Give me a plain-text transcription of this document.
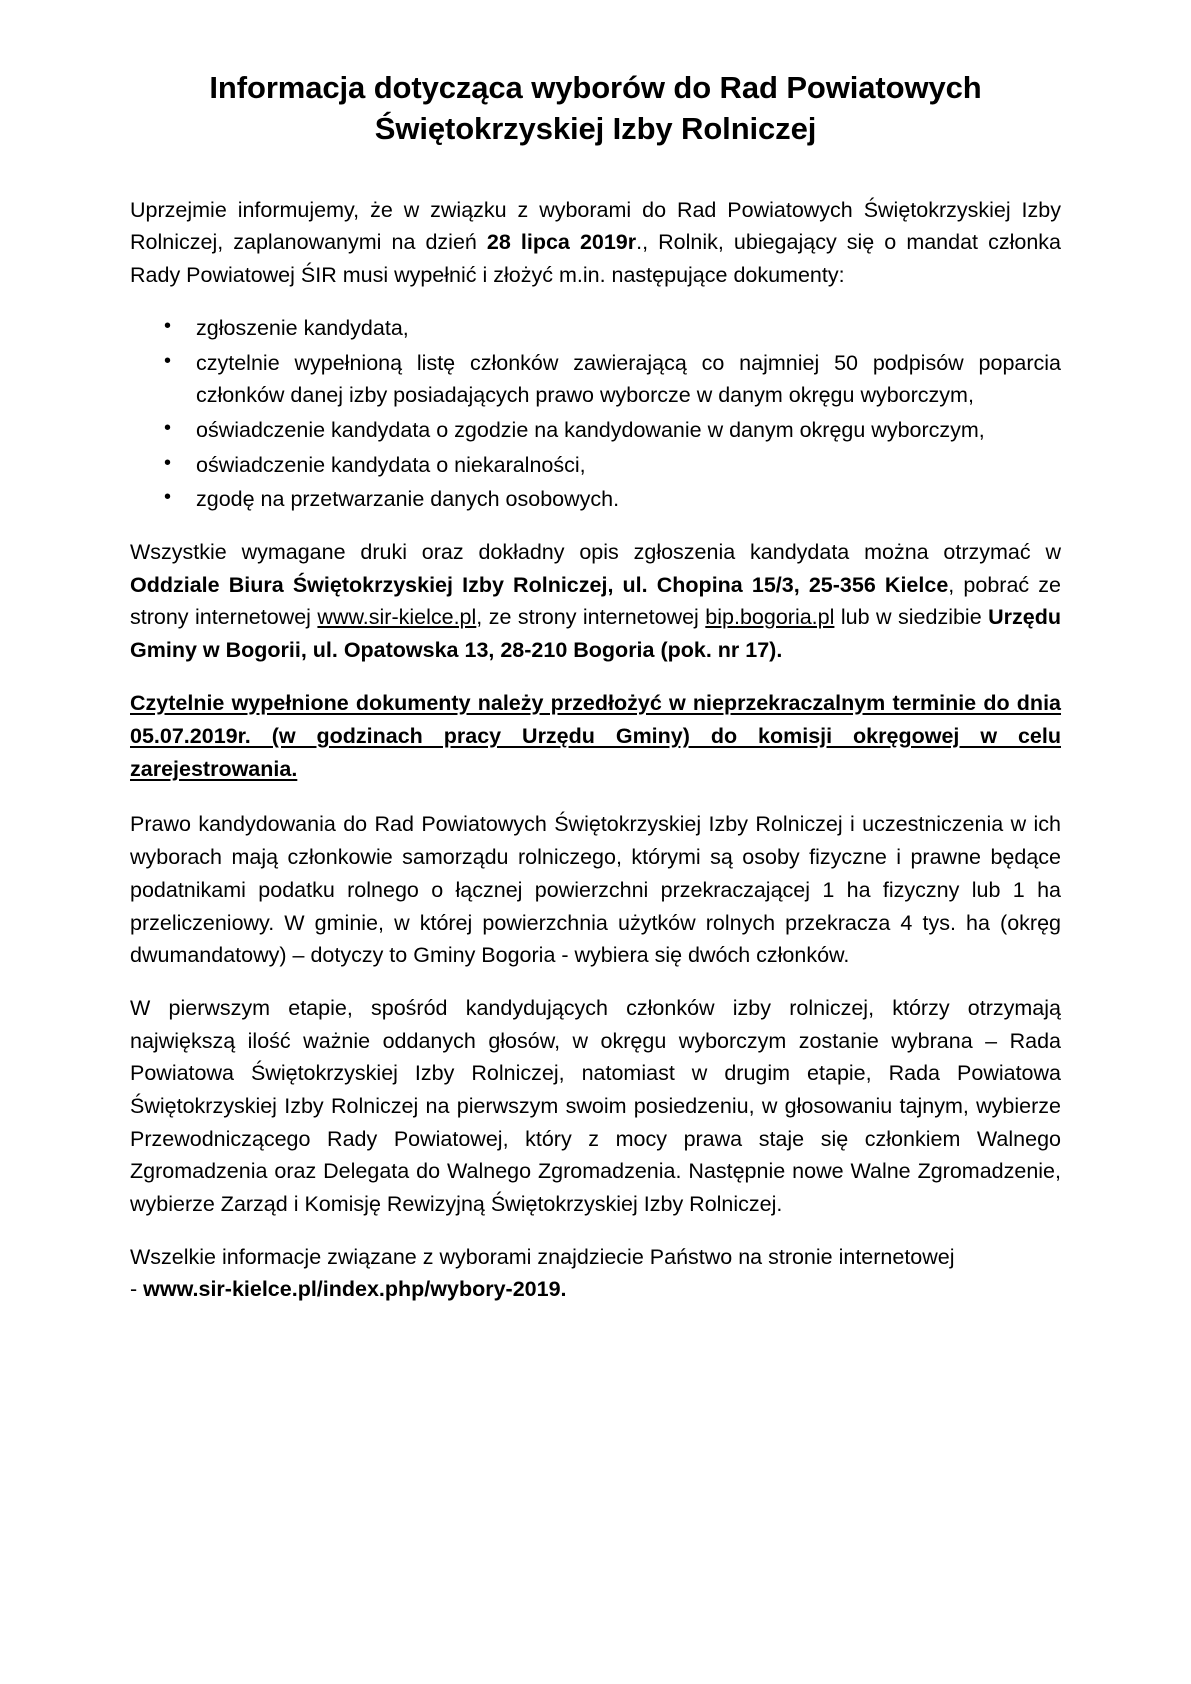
Informacja dotycząca wyborów do Rad Powiatowych
Świętokrzyskiej Izby Rolniczej

Uprzejmie informujemy, że w związku z wyborami do Rad Powiatowych Świętokrzyskiej Izby Rolniczej, zaplanowanymi na dzień 28 lipca 2019r., Rolnik, ubiegający się o mandat członka Rady Powiatowej ŚIR musi wypełnić i złożyć m.in. następujące dokumenty:

• zgłoszenie kandydata,
• czytelnie wypełnioną listę członków zawierającą co najmniej 50 podpisów poparcia członków danej izby posiadających prawo wyborcze w danym okręgu wyborczym,
• oświadczenie kandydata o zgodzie na kandydowanie w danym okręgu wyborczym,
• oświadczenie kandydata o niekaralności,
• zgodę na przetwarzanie danych osobowych.

Wszystkie wymagane druki oraz dokładny opis zgłoszenia kandydata można otrzymać w Oddziale Biura Świętokrzyskiej Izby Rolniczej, ul. Chopina 15/3, 25-356 Kielce, pobrać ze strony internetowej www.sir-kielce.pl, ze strony internetowej bip.bogoria.pl lub w siedzibie Urzędu Gminy w Bogorii, ul. Opatowska 13, 28-210 Bogoria (pok. nr 17).

Czytelnie wypełnione dokumenty należy przedłożyć w nieprzekraczalnym terminie do dnia 05.07.2019r. (w godzinach pracy Urzędu Gminy) do komisji okręgowej w celu zarejestrowania.

Prawo kandydowania do Rad Powiatowych Świętokrzyskiej Izby Rolniczej i uczestniczenia w ich wyborach mają członkowie samorządu rolniczego, którymi są osoby fizyczne i prawne będące podatnikami podatku rolnego o łącznej powierzchni przekraczającej 1 ha fizyczny lub 1 ha przeliczeniowy. W gminie, w której powierzchnia użytków rolnych przekracza 4 tys. ha (okręg dwumandatowy) – dotyczy to Gminy Bogoria - wybiera się dwóch członków.

W pierwszym etapie, spośród kandydujących członków izby rolniczej, którzy otrzymają największą ilość ważnie oddanych głosów, w okręgu wyborczym zostanie wybrana – Rada Powiatowa Świętokrzyskiej Izby Rolniczej, natomiast w drugim etapie, Rada Powiatowa Świętokrzyskiej Izby Rolniczej na pierwszym swoim posiedzeniu, w głosowaniu tajnym, wybierze Przewodniczącego Rady Powiatowej, który z mocy prawa staje się członkiem Walnego Zgromadzenia oraz Delegata do Walnego Zgromadzenia. Następnie nowe Walne Zgromadzenie, wybierze Zarząd i Komisję Rewizyjną Świętokrzyskiej Izby Rolniczej.

Wszelkie informacje związane z wyborami znajdziecie Państwo na stronie internetowej
- www.sir-kielce.pl/index.php/wybory-2019.
